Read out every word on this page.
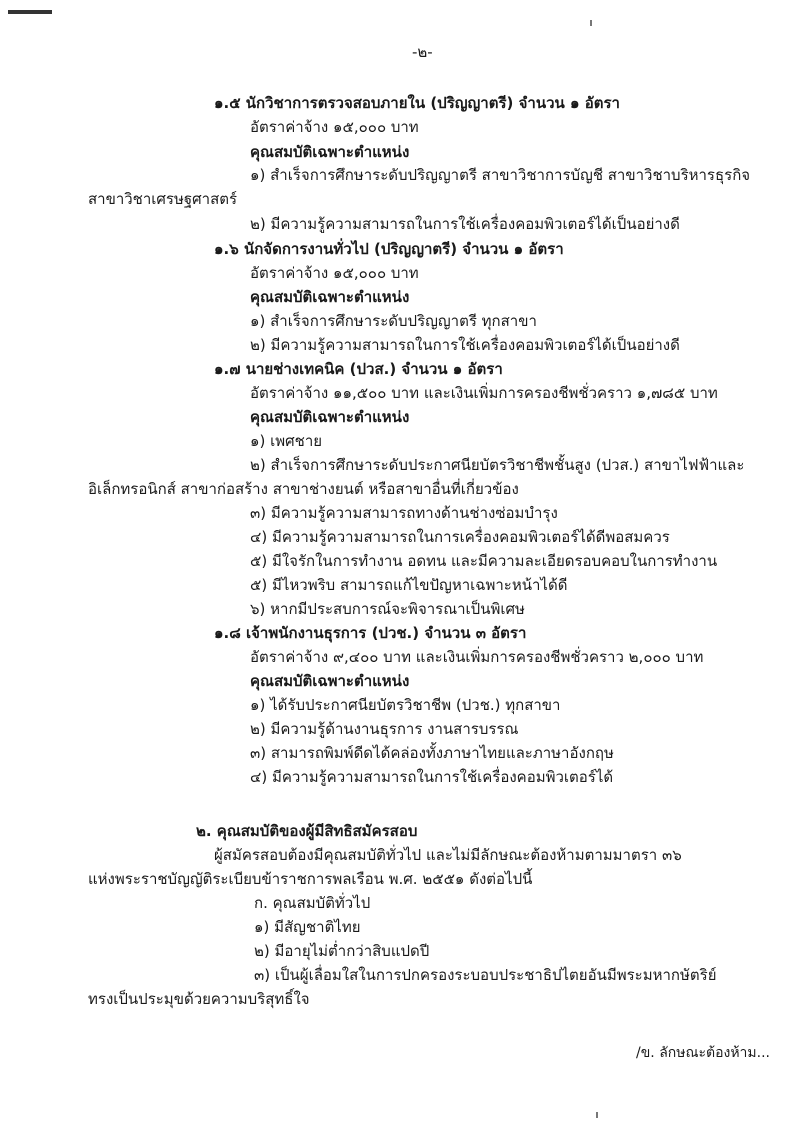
-๒-
๑.๕ นักวิชาการตรวจสอบภายใน (ปริญญาตรี) จำนวน ๑ อัตรา
อัตราค่าจ้าง ๑๕,๐๐๐ บาท
คุณสมบัติเฉพาะตำแหน่ง
๑) สำเร็จการศึกษาระดับปริญญาตรี สาขาวิชาการบัญชี สาขาวิชาบริหารธุรกิจ
สาขาวิชาเศรษฐศาสตร์
๒) มีความรู้ความสามารถในการใช้เครื่องคอมพิวเตอร์ได้เป็นอย่างดี
๑.๖ นักจัดการงานทั่วไป (ปริญญาตรี) จำนวน ๑ อัตรา
อัตราค่าจ้าง ๑๕,๐๐๐ บาท
คุณสมบัติเฉพาะตำแหน่ง
๑) สำเร็จการศึกษาระดับปริญญาตรี ทุกสาขา
๒) มีความรู้ความสามารถในการใช้เครื่องคอมพิวเตอร์ได้เป็นอย่างดี
๑.๗ นายช่างเทคนิค (ปวส.) จำนวน ๑ อัตรา
อัตราค่าจ้าง ๑๑,๕๐๐ บาท และเงินเพิ่มการครองชีพชั่วคราว ๑,๗๘๕ บาท
คุณสมบัติเฉพาะตำแหน่ง
๑) เพศชาย
๒) สำเร็จการศึกษาระดับประกาศนียบัตรวิชาชีพชั้นสูง (ปวส.) สาขาไฟฟ้าและ
อิเล็กทรอนิกส์ สาขาก่อสร้าง สาขาช่างยนต์ หรือสาขาอื่นที่เกี่ยวข้อง
๓) มีความรู้ความสามารถทางด้านช่างซ่อมบำรุง
๔) มีความรู้ความสามารถในการเครื่องคอมพิวเตอร์ได้ดีพอสมควร
๕) มีใจรักในการทำงาน อดทน และมีความละเอียดรอบคอบในการทำงาน
๕) มีไหวพริบ สามารถแก้ไขปัญหาเฉพาะหน้าได้ดี
๖) หากมีประสบการณ์จะพิจารณาเป็นพิเศษ
๑.๘ เจ้าพนักงานธุรการ (ปวช.) จำนวน ๓ อัตรา
อัตราค่าจ้าง ๙,๔๐๐ บาท และเงินเพิ่มการครองชีพชั่วคราว ๒,๐๐๐ บาท
คุณสมบัติเฉพาะตำแหน่ง
๑) ได้รับประกาศนียบัตรวิชาชีพ (ปวช.) ทุกสาขา
๒) มีความรู้ด้านงานธุรการ งานสารบรรณ
๓) สามารถพิมพ์ดีดได้คล่องทั้งภาษาไทยและภาษาอังกฤษ
๔) มีความรู้ความสามารถในการใช้เครื่องคอมพิวเตอร์ได้
๒. คุณสมบัติของผู้มีสิทธิสมัครสอบ
ผู้สมัครสอบต้องมีคุณสมบัติทั่วไป และไม่มีลักษณะต้องห้ามตามมาตรา ๓๖
แห่งพระราชบัญญัติระเบียบข้าราชการพลเรือน พ.ศ. ๒๕๕๑ ดังต่อไปนี้
ก. คุณสมบัติทั่วไป
๑) มีสัญชาติไทย
๒) มีอายุไม่ต่ำกว่าสิบแปดปี
๓) เป็นผู้เลื่อมใสในการปกครองระบอบประชาธิปไตยอันมีพระมหากษัตริย์
ทรงเป็นประมุขด้วยความบริสุทธิ์ใจ
/ข. ลักษณะต้องห้าม...
